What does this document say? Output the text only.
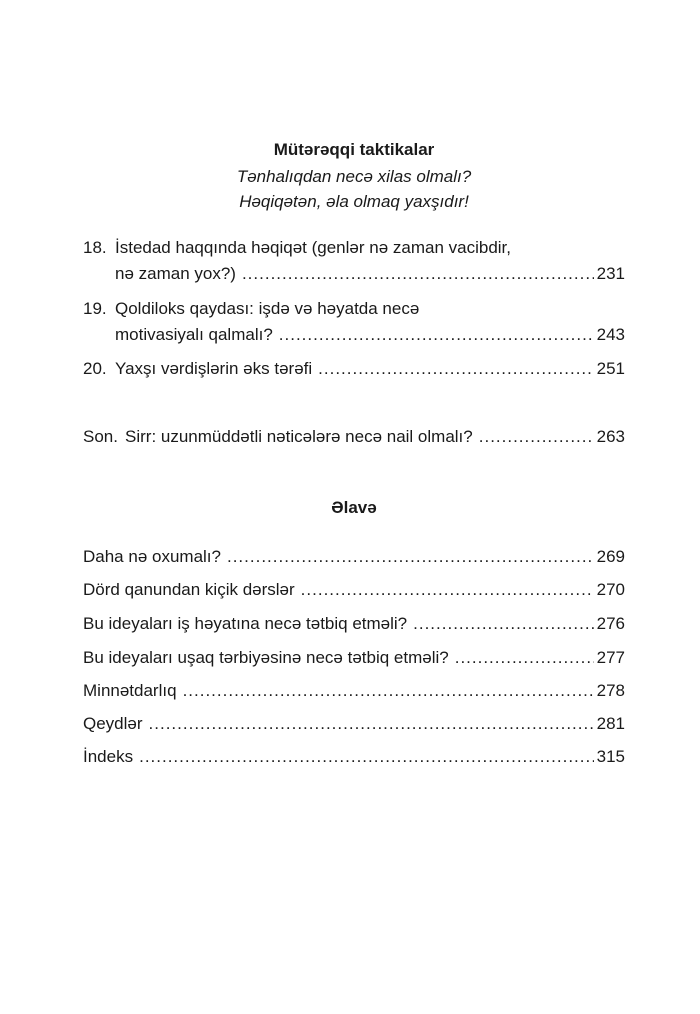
Mütərəqqi taktikalar
Tənhalıqdan necə xilas olmalı?
Həqiqətən, əla olmaq yaxşıdır!
18. İstedad haqqında həqiqət (genlər nə zaman vacibdir,
nə zaman yox?) .....	231
19. Qoldiloks qaydası: işdə və həyatda necə
motivasiyalı qalmalı? .....	243
20. Yaxşı vərdişlərin əks tərəfi .....	251
Son. Sirr: uzunmüddətli nəticələrə necə nail olmalı? .....	263
Əlavə
Daha nə oxumalı? .....	269
Dörd qanundan kiçik dərslər .....	270
Bu ideyaları iş həyatına necə tətbiq etməli? .....	276
Bu ideyaları uşaq tərbiyəsinə necə tətbiq etməli? .....	277
Minnətdarlıq .....	278
Qeydlər .....	281
İndeks .....	315
